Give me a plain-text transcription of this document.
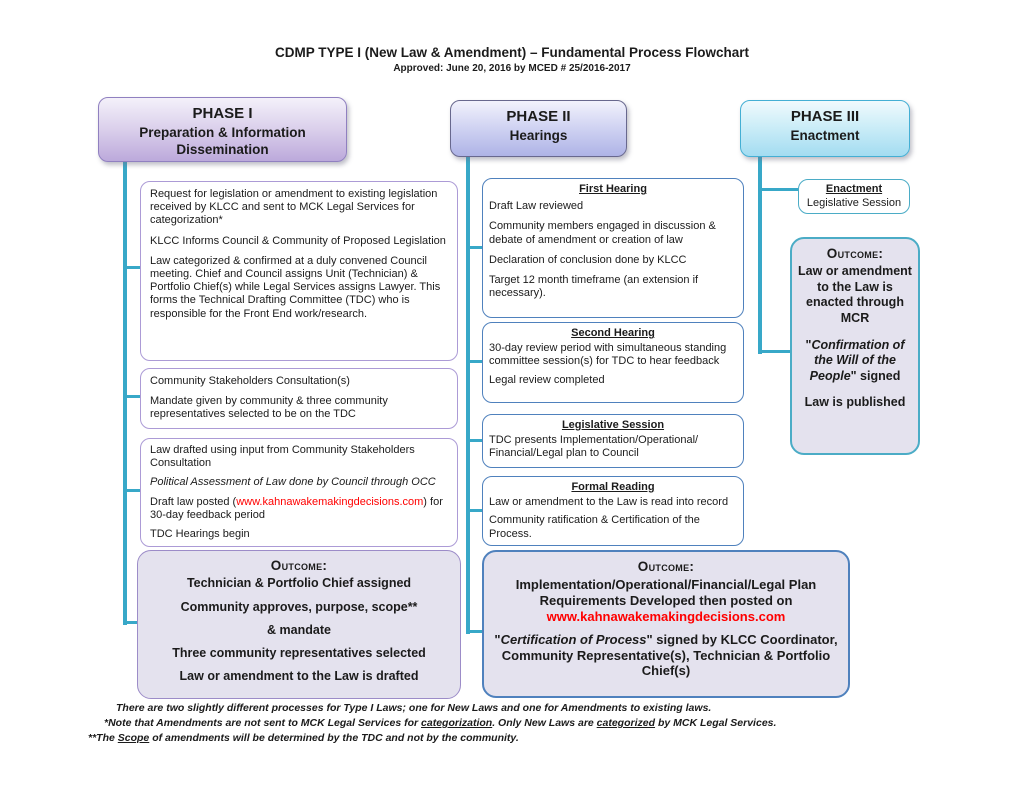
CDMP TYPE I (New Law & Amendment) – Fundamental Process Flowchart
Approved: June 20, 2016 by MCED # 25/2016-2017
PHASE I
Preparation & Information Dissemination
PHASE II
Hearings
PHASE III
Enactment

Request for legislation or amendment to existing legislation received by KLCC and sent to MCK Legal Services for categorization*

KLCC Informs Council & Community of Proposed Legislation

Law categorized & confirmed at a duly convened Council meeting. Chief and Council assigns Unit (Technician) & Portfolio Chief(s) while Legal Services assigns Lawyer. This forms the Technical Drafting Committee (TDC) who is responsible for the Front End work/research.

Community Stakeholders Consultation(s)

Mandate given by community & three community representatives selected to be on the TDC

Law drafted using input from Community Stakeholders Consultation

Political Assessment of Law done by Council through OCC

Draft law posted (www.kahnawakemakingdecisions.com) for 30-day feedback period

TDC Hearings begin

Outcome:
Technician & Portfolio Chief assigned
Community approves, purpose, scope**
& mandate
Three community representatives selected
Law or amendment to the Law is drafted
First Hearing

Draft Law reviewed

Community members engaged in discussion & debate of amendment or creation of law

Declaration of conclusion done by KLCC

Target 12 month timeframe (an extension if necessary).

Second Hearing

30-day review period with simultaneous standing committee session(s) for TDC to hear feedback

Legal review completed

Legislative Session

TDC presents Implementation/Operational/ Financial/Legal plan to Council

Formal Reading

Law or amendment to the Law is read into record

Community ratification & Certification of the Process.

Outcome:
Implementation/Operational/Financial/Legal Plan Requirements Developed then posted on
www.kahnawakemakingdecisions.com
"Certification of Process" signed by KLCC Coordinator, Community Representative(s), Technician & Portfolio Chief(s)
Enactment
Legislative Session
Outcome:
Law or amendment to the Law is enacted through MCR
"Confirmation of the Will of the People" signed
Law is published
There are two slightly different processes for Type I Laws; one for New Laws and one for Amendments to existing laws.
*Note that Amendments are not sent to MCK Legal Services for categorization. Only New Laws are categorized by MCK Legal Services.
**The Scope of amendments will be determined by the TDC and not by the community.
